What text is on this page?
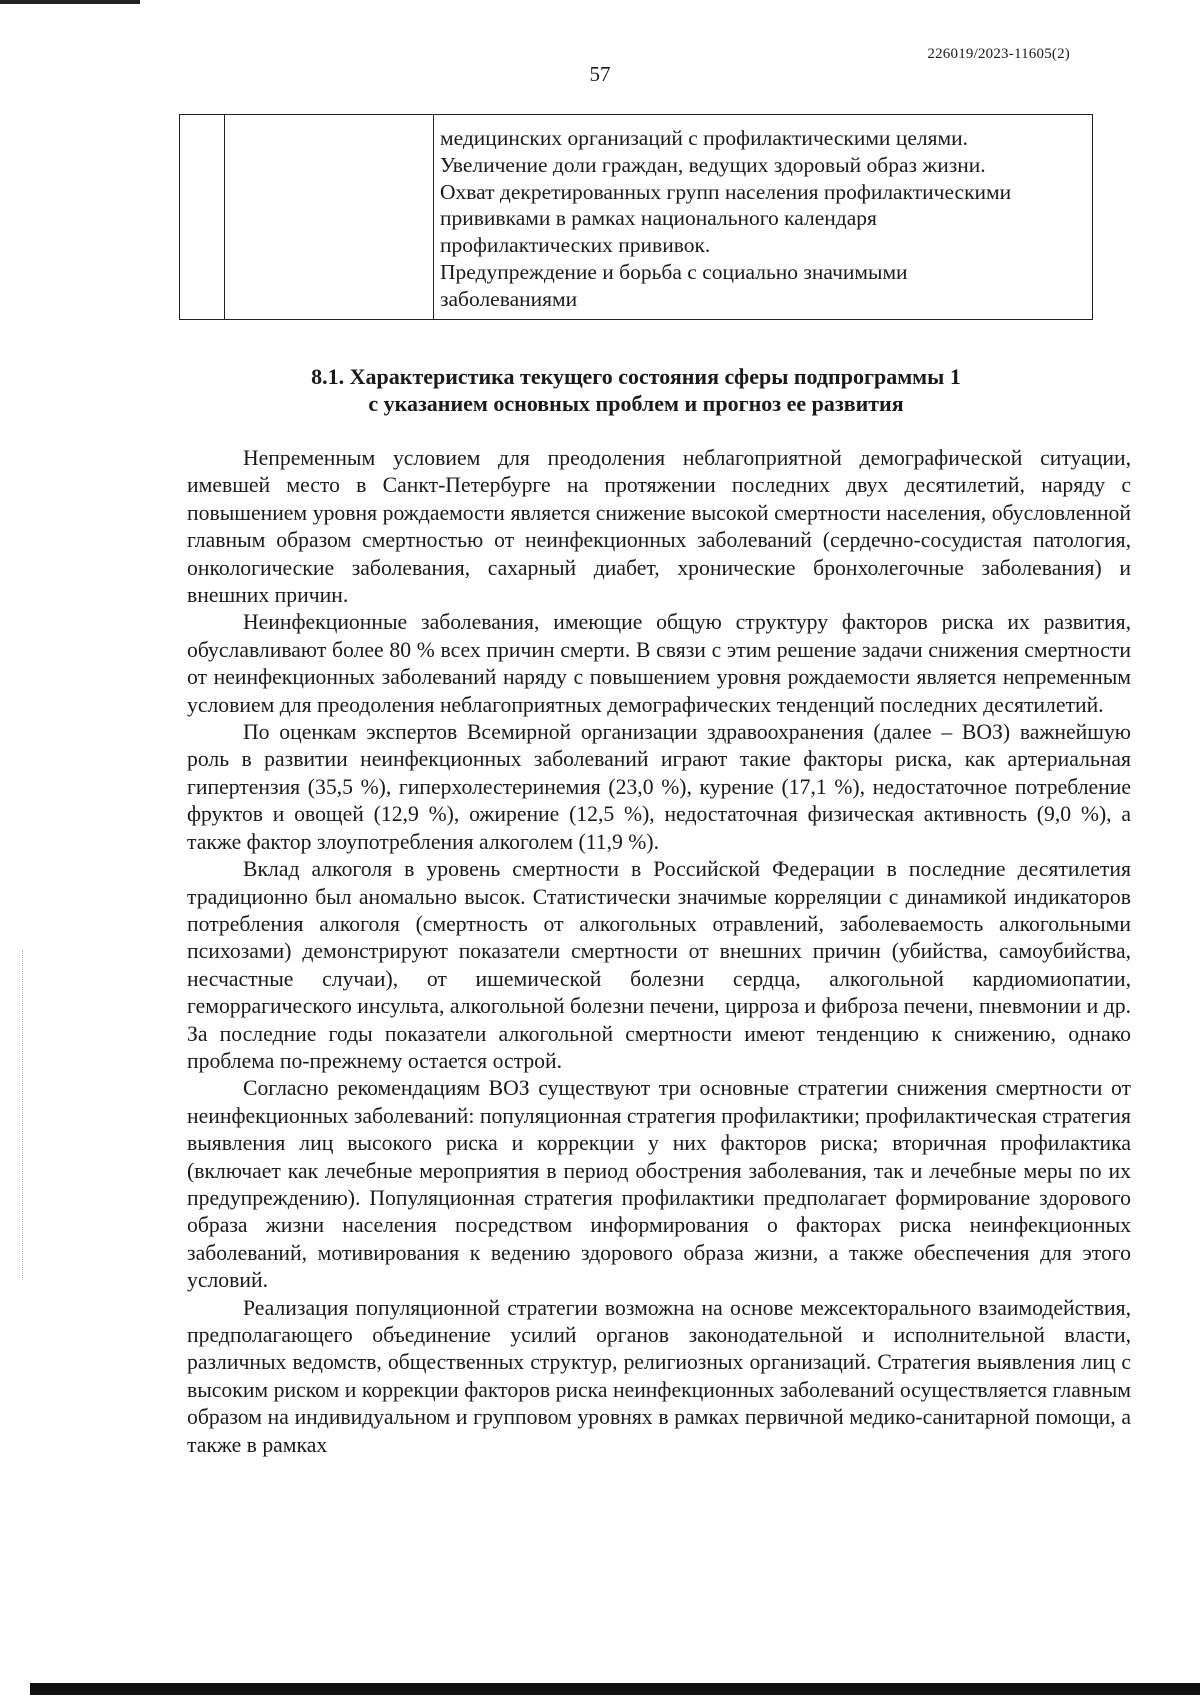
226019/2023-11605(2)
57

медицинских организаций с профилактическими целями.
Увеличение доли граждан, ведущих здоровый образ жизни.
Охват декретированных групп населения профилактическими
прививками в рамках национального календаря
профилактических прививок.
Предупреждение и борьба с социально значимыми
заболеваниями
8.1. Характеристика текущего состояния сферы подпрограммы 1
с указанием основных проблем и прогноз ее развития

Непременным условием для преодоления неблагоприятной демографической ситуации, имевшей место в Санкт-Петербурге на протяжении последних двух десятилетий, наряду с повышением уровня рождаемости является снижение высокой смертности населения, обусловленной главным образом смертностью от неинфекционных заболеваний (сердечно-сосудистая патология, онкологические заболевания, сахарный диабет, хронические бронхолегочные заболевания) и внешних причин.

Неинфекционные заболевания, имеющие общую структуру факторов риска их развития, обуславливают более 80 % всех причин смерти. В связи с этим решение задачи снижения смертности от неинфекционных заболеваний наряду с повышением уровня рождаемости является непременным условием для преодоления неблагоприятных демографических тенденций последних десятилетий.

По оценкам экспертов Всемирной организации здравоохранения (далее – ВОЗ) важнейшую роль в развитии неинфекционных заболеваний играют такие факторы риска, как артериальная гипертензия (35,5 %), гиперхолестеринемия (23,0 %), курение (17,1 %), недостаточное потребление фруктов и овощей (12,9 %), ожирение (12,5 %), недостаточная физическая активность (9,0 %), а также фактор злоупотребления алкоголем (11,9 %).

Вклад алкоголя в уровень смертности в Российской Федерации в последние десятилетия традиционно был аномально высок. Статистически значимые корреляции с динамикой индикаторов потребления алкоголя (смертность от алкогольных отравлений, заболеваемость алкогольными психозами) демонстрируют показатели смертности от внешних причин (убийства, самоубийства, несчастные случаи), от ишемической болезни сердца, алкогольной кардиомиопатии, геморрагического инсульта, алкогольной болезни печени, цирроза и фиброза печени, пневмонии и др. За последние годы показатели алкогольной смертности имеют тенденцию к снижению, однако проблема по-прежнему остается острой.

Согласно рекомендациям ВОЗ существуют три основные стратегии снижения смертности от неинфекционных заболеваний: популяционная стратегия профилактики; профилактическая стратегия выявления лиц высокого риска и коррекции у них факторов риска; вторичная профилактика (включает как лечебные мероприятия в период обострения заболевания, так и лечебные меры по их предупреждению). Популяционная стратегия профилактики предполагает формирование здорового образа жизни населения посредством информирования о факторах риска неинфекционных заболеваний, мотивирования к ведению здорового образа жизни, а также обеспечения для этого условий.

Реализация популяционной стратегии возможна на основе межсекторального взаимодействия, предполагающего объединение усилий органов законодательной и исполнительной власти, различных ведомств, общественных структур, религиозных организаций. Стратегия выявления лиц с высоким риском и коррекции факторов риска неинфекционных заболеваний осуществляется главным образом на индивидуальном и групповом уровнях в рамках первичной медико-санитарной помощи, а также в рамках
